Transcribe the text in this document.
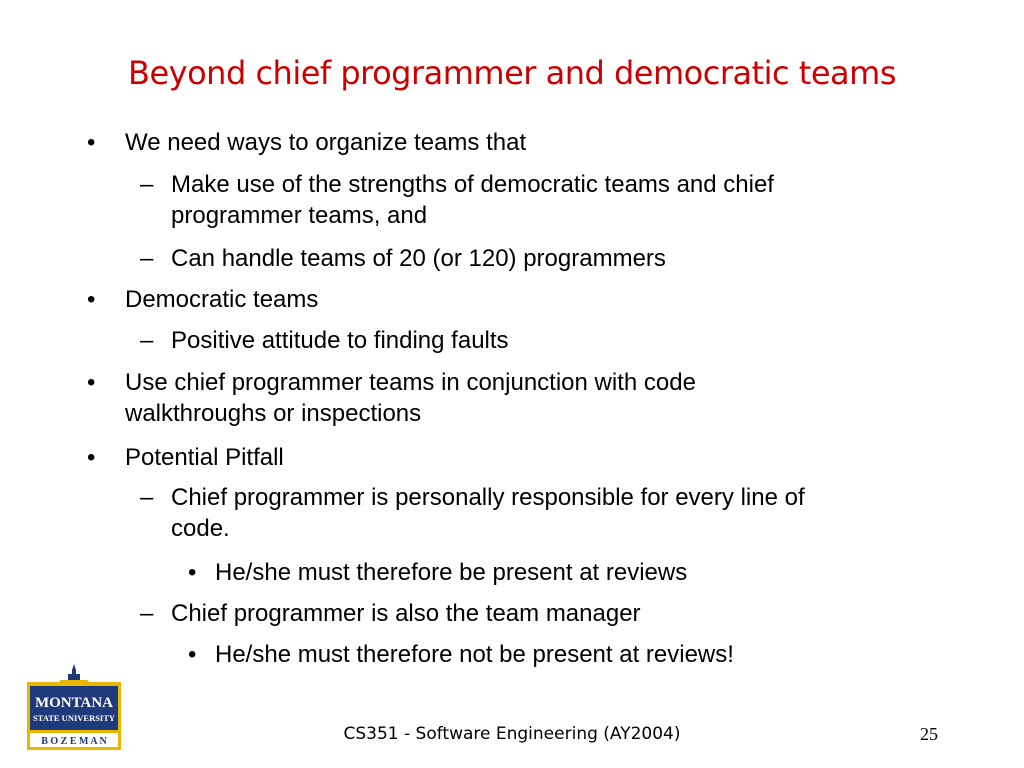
Beyond chief programmer and democratic teams
• We need ways to organize teams that
– Make use of the strengths of democratic teams and chief
programmer teams, and
– Can handle teams of 20 (or 120) programmers
• Democratic teams
– Positive attitude to finding faults
• Use chief programmer teams in conjunction with code
walkthroughs or inspections
• Potential Pitfall
– Chief programmer is personally responsible for every line of
code.
• He/she must therefore be present at reviews
– Chief programmer is also the team manager
• He/she must therefore not be present at reviews!
MONTANA
STATE UNIVERSITY
B O Z E M A N	CS351 - Software Engineering (AY2004)	25
